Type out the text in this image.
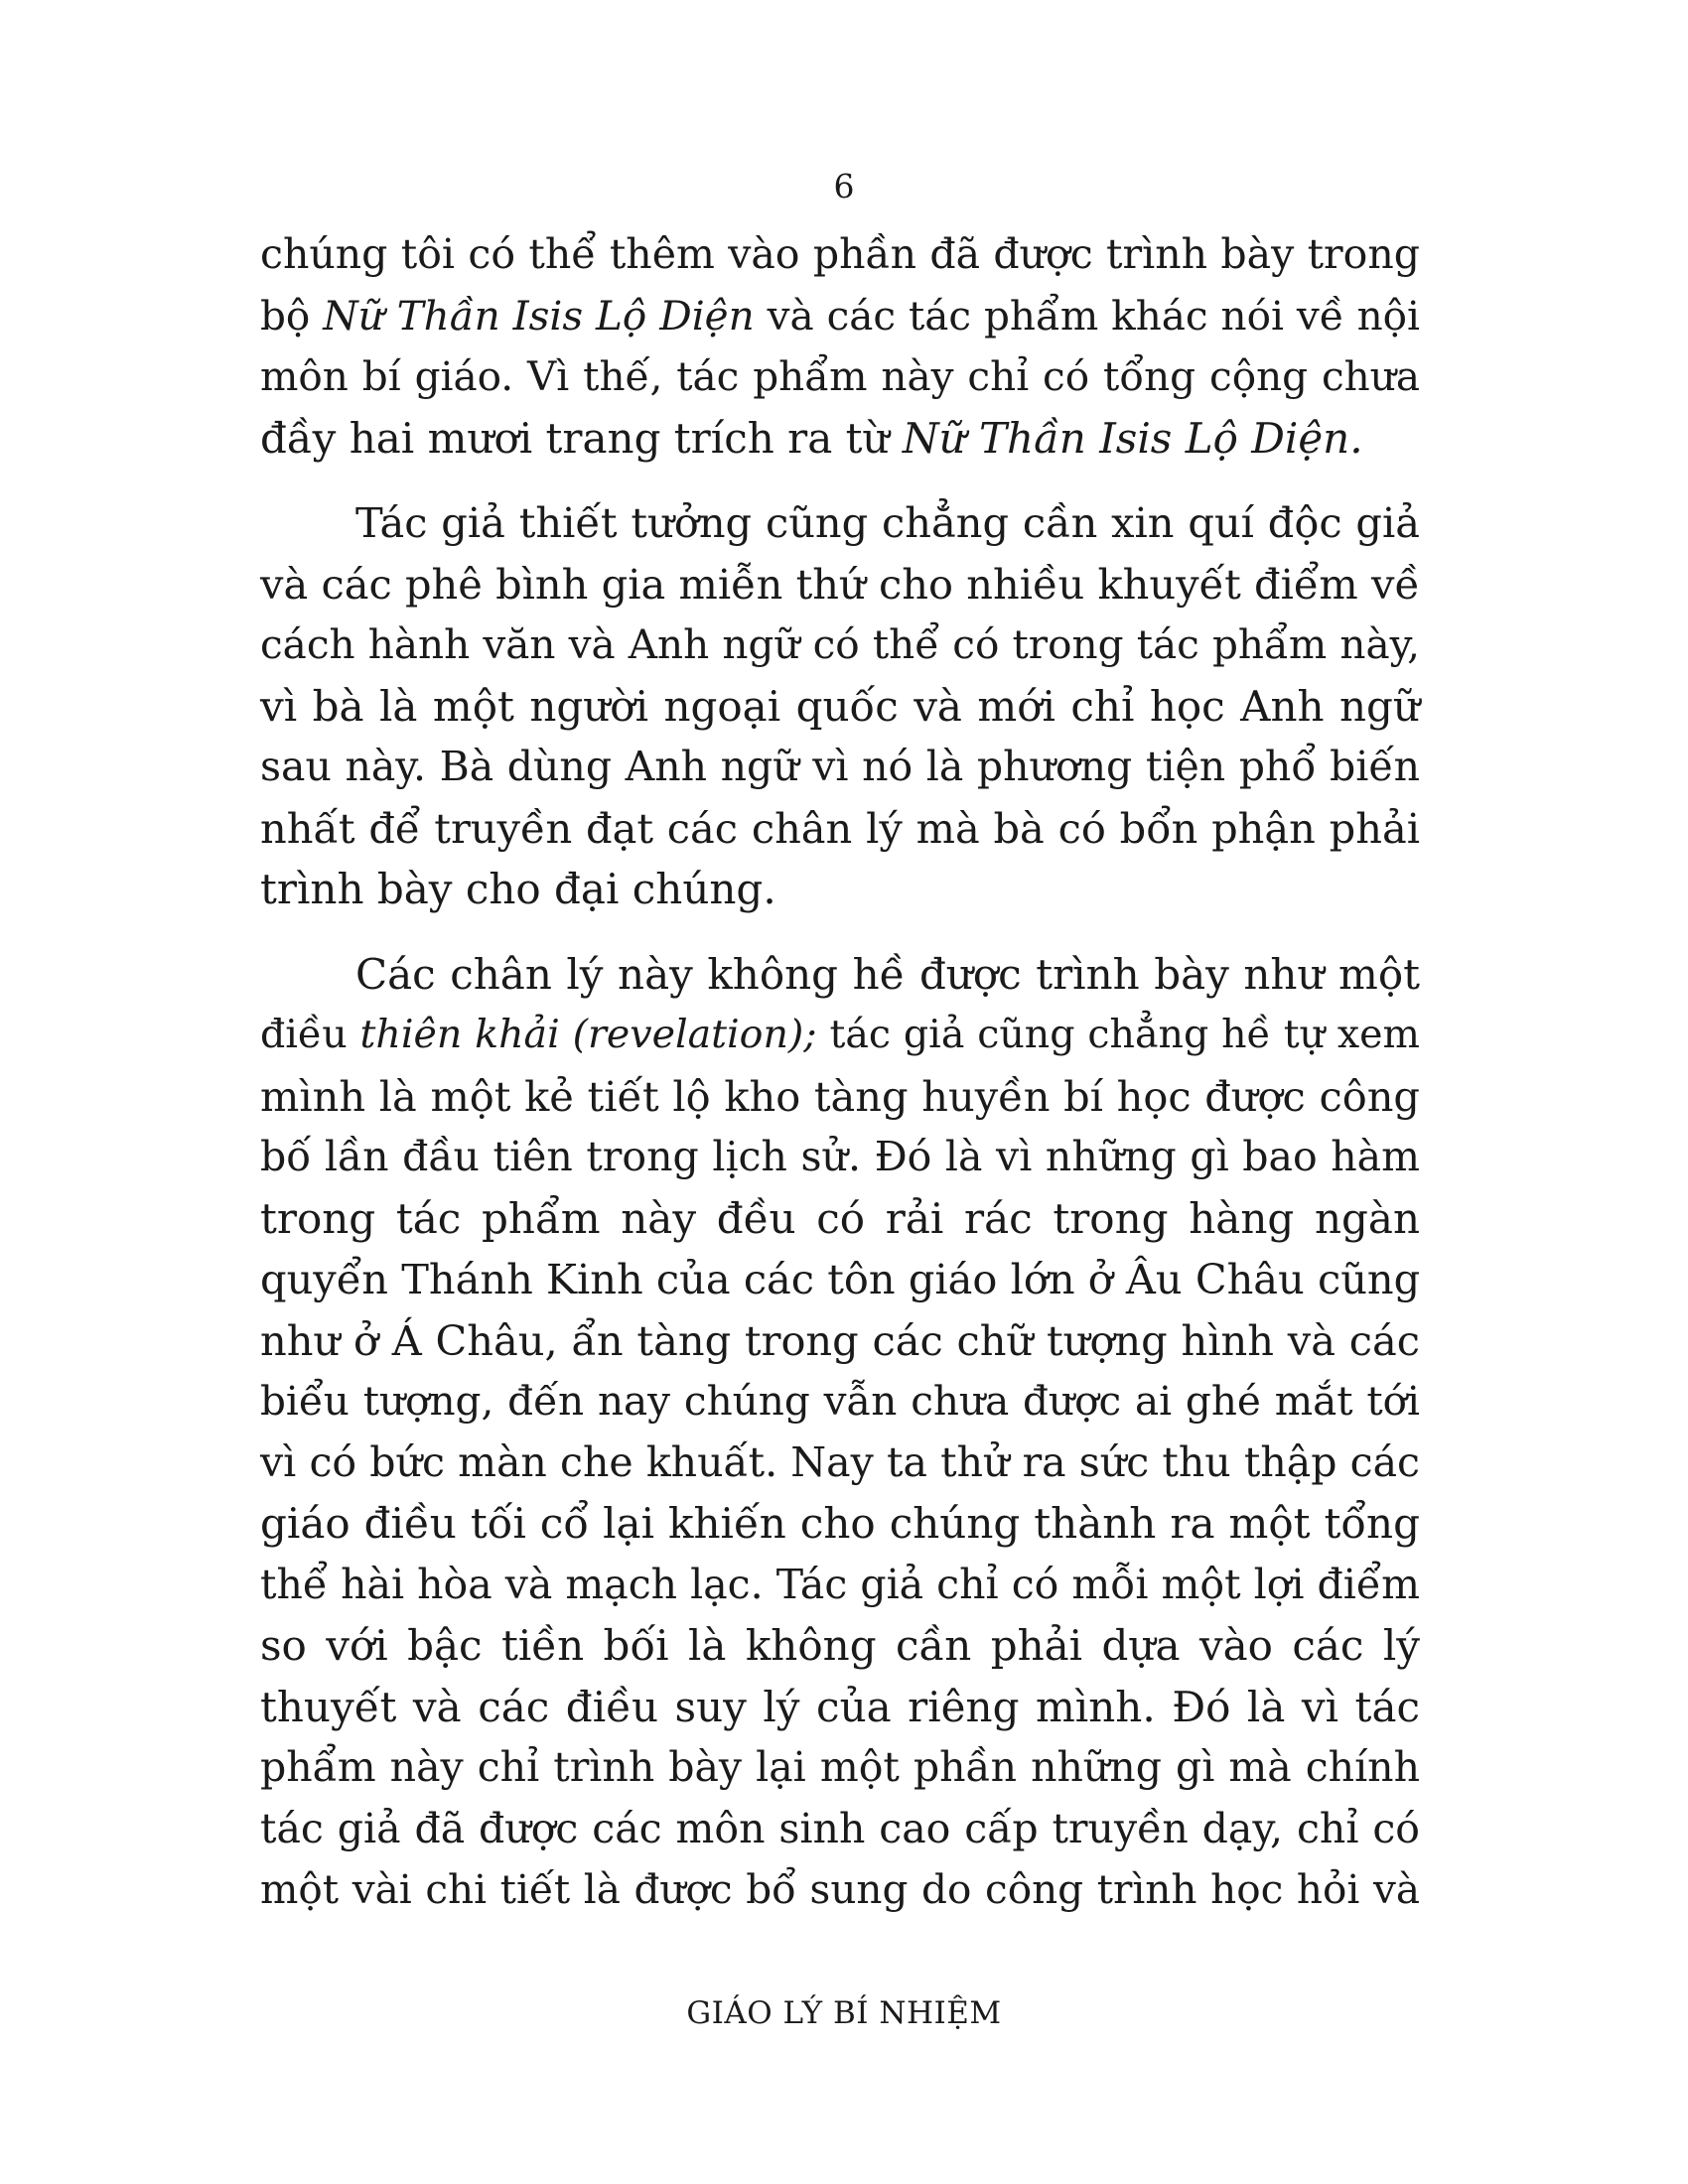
6
chúng tôi có thể thêm vào phần đã được trình bày trong
bộ Nữ Thần Isis Lộ Diện và các tác phẩm khác nói về nội
môn bí giáo. Vì thế, tác phẩm này chỉ có tổng cộng chưa
đầy hai mươi trang trích ra từ Nữ Thần Isis Lộ Diện.
Tác giả thiết tưởng cũng chẳng cần xin quí độc giả
và các phê bình gia miễn thứ cho nhiều khuyết điểm về
cách hành văn và Anh ngữ có thể có trong tác phẩm này,
vì bà là một người ngoại quốc và mới chỉ học Anh ngữ
sau này. Bà dùng Anh ngữ vì nó là phương tiện phổ biến
nhất để truyền đạt các chân lý mà bà có bổn phận phải
trình bày cho đại chúng.
Các chân lý này không hề được trình bày như một
điều thiên khải (revelation); tác giả cũng chẳng hề tự xem
mình là một kẻ tiết lộ kho tàng huyền bí học được công
bố lần đầu tiên trong lịch sử. Đó là vì những gì bao hàm
trong tác phẩm này đều có rải rác trong hàng ngàn
quyển Thánh Kinh của các tôn giáo lớn ở Âu Châu cũng
như ở Á Châu, ẩn tàng trong các chữ tượng hình và các
biểu tượng, đến nay chúng vẫn chưa được ai ghé mắt tới
vì có bức màn che khuất. Nay ta thử ra sức thu thập các
giáo điều tối cổ lại khiến cho chúng thành ra một tổng
thể hài hòa và mạch lạc. Tác giả chỉ có mỗi một lợi điểm
so với bậc tiền bối là không cần phải dựa vào các lý
thuyết và các điều suy lý của riêng mình. Đó là vì tác
phẩm này chỉ trình bày lại một phần những gì mà chính
tác giả đã được các môn sinh cao cấp truyền dạy, chỉ có
một vài chi tiết là được bổ sung do công trình học hỏi và
GIÁO LÝ BÍ NHIỆM
